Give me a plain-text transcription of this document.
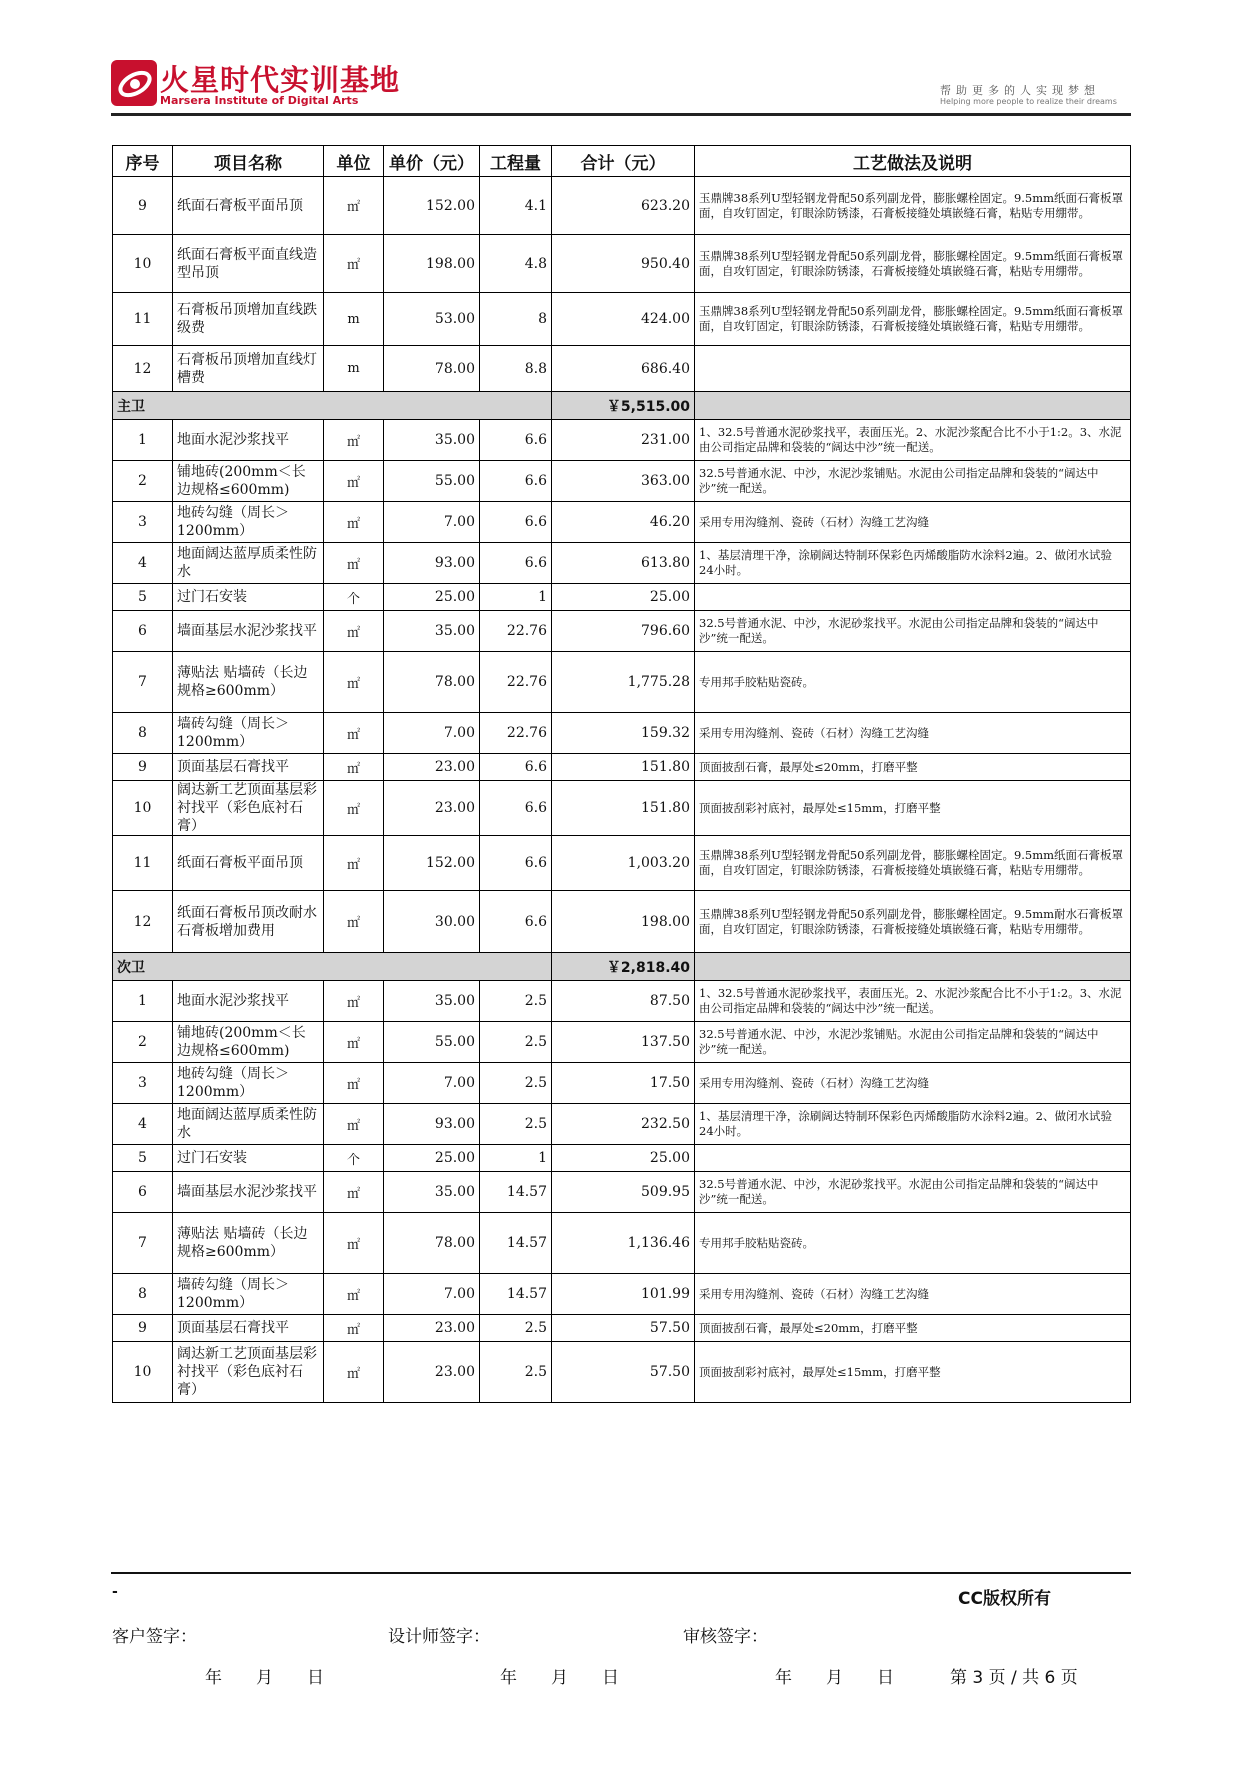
火星时代实训基地
Marsera Institute of Digital Arts
帮助更多的人实现梦想
Helping more people to realize their dreams
序号	项目名称	单位	单价（元）	工程量	合计（元）	工艺做法及说明
9	纸面石膏板平面吊顶	㎡	152.00	4.1	623.20	玉鼎牌38系列U型轻钢龙骨配50系列副龙骨，膨胀螺栓固定。9.5mm纸面石膏板罩面，自攻钉固定，钉眼涂防锈漆，石膏板接缝处填嵌缝石膏，粘贴专用绷带。
10	纸面石膏板平面直线造型吊顶	㎡	198.00	4.8	950.40	玉鼎牌38系列U型轻钢龙骨配50系列副龙骨，膨胀螺栓固定。9.5mm纸面石膏板罩面，自攻钉固定，钉眼涂防锈漆，石膏板接缝处填嵌缝石膏，粘贴专用绷带。
11	石膏板吊顶增加直线跌级费	m	53.00	8	424.00	玉鼎牌38系列U型轻钢龙骨配50系列副龙骨，膨胀螺栓固定。9.5mm纸面石膏板罩面，自攻钉固定，钉眼涂防锈漆，石膏板接缝处填嵌缝石膏，粘贴专用绷带。
12	石膏板吊顶增加直线灯槽费	m	78.00	8.8	686.40	
主卫					￥5,515.00	
1	地面水泥沙浆找平	㎡	35.00	6.6	231.00	1、32.5号普通水泥砂浆找平，表面压光。2、水泥沙浆配合比不小于1:2。3、水泥由公司指定品牌和袋装的“阔达中沙”统一配送。
2	铺地砖(200mm＜长边规格≤600mm)	㎡	55.00	6.6	363.00	32.5号普通水泥、中沙，水泥沙浆铺贴。水泥由公司指定品牌和袋装的“阔达中沙”统一配送。
3	地砖勾缝（周长＞1200mm）	㎡	7.00	6.6	46.20	采用专用沟缝剂、瓷砖（石材）沟缝工艺沟缝
4	地面阔达蓝厚质柔性防水	㎡	93.00	6.6	613.80	1、基层清理干净，涂刷阔达特制环保彩色丙烯酸脂防水涂料2遍。2、做闭水试验24小时。
5	过门石安装	个	25.00	1	25.00	
6	墙面基层水泥沙浆找平	㎡	35.00	22.76	796.60	32.5号普通水泥、中沙，水泥砂浆找平。水泥由公司指定品牌和袋装的“阔达中沙”统一配送。
7	薄贴法 贴墙砖（长边规格≥600mm）	㎡	78.00	22.76	1,775.28	专用邦手胶粘贴瓷砖。
8	墙砖勾缝（周长＞1200mm）	㎡	7.00	22.76	159.32	采用专用沟缝剂、瓷砖（石材）沟缝工艺沟缝
9	顶面基层石膏找平	㎡	23.00	6.6	151.80	顶面披刮石膏，最厚处≤20mm，打磨平整
10	阔达新工艺顶面基层彩衬找平（彩色底衬石膏）	㎡	23.00	6.6	151.80	顶面披刮彩衬底衬，最厚处≤15mm，打磨平整
11	纸面石膏板平面吊顶	㎡	152.00	6.6	1,003.20	玉鼎牌38系列U型轻钢龙骨配50系列副龙骨，膨胀螺栓固定。9.5mm纸面石膏板罩面，自攻钉固定，钉眼涂防锈漆，石膏板接缝处填嵌缝石膏，粘贴专用绷带。
12	纸面石膏板吊顶改耐水石膏板增加费用	㎡	30.00	6.6	198.00	玉鼎牌38系列U型轻钢龙骨配50系列副龙骨，膨胀螺栓固定。9.5mm耐水石膏板罩面，自攻钉固定，钉眼涂防锈漆，石膏板接缝处填嵌缝石膏，粘贴专用绷带。
次卫					￥2,818.40	
1	地面水泥沙浆找平	㎡	35.00	2.5	87.50	1、32.5号普通水泥砂浆找平，表面压光。2、水泥沙浆配合比不小于1:2。3、水泥由公司指定品牌和袋装的“阔达中沙”统一配送。
2	铺地砖(200mm＜长边规格≤600mm)	㎡	55.00	2.5	137.50	32.5号普通水泥、中沙，水泥沙浆铺贴。水泥由公司指定品牌和袋装的“阔达中沙”统一配送。
3	地砖勾缝（周长＞1200mm）	㎡	7.00	2.5	17.50	采用专用沟缝剂、瓷砖（石材）沟缝工艺沟缝
4	地面阔达蓝厚质柔性防水	㎡	93.00	2.5	232.50	1、基层清理干净，涂刷阔达特制环保彩色丙烯酸脂防水涂料2遍。2、做闭水试验24小时。
5	过门石安装	个	25.00	1	25.00	
6	墙面基层水泥沙浆找平	㎡	35.00	14.57	509.95	32.5号普通水泥、中沙，水泥砂浆找平。水泥由公司指定品牌和袋装的“阔达中沙”统一配送。
7	薄贴法 贴墙砖（长边规格≥600mm）	㎡	78.00	14.57	1,136.46	专用邦手胶粘贴瓷砖。
8	墙砖勾缝（周长＞1200mm）	㎡	7.00	14.57	101.99	采用专用沟缝剂、瓷砖（石材）沟缝工艺沟缝
9	顶面基层石膏找平	㎡	23.00	2.5	57.50	顶面披刮石膏，最厚处≤20mm，打磨平整
10	阔达新工艺顶面基层彩衬找平（彩色底衬石膏）	㎡	23.00	2.5	57.50	顶面披刮彩衬底衬，最厚处≤15mm，打磨平整
-	CC版权所有
客户签字：	设计师签字：	审核签字：
年　　月　　日	年　　月　　日	年　　月　　日	第 3 页 / 共 6 页
